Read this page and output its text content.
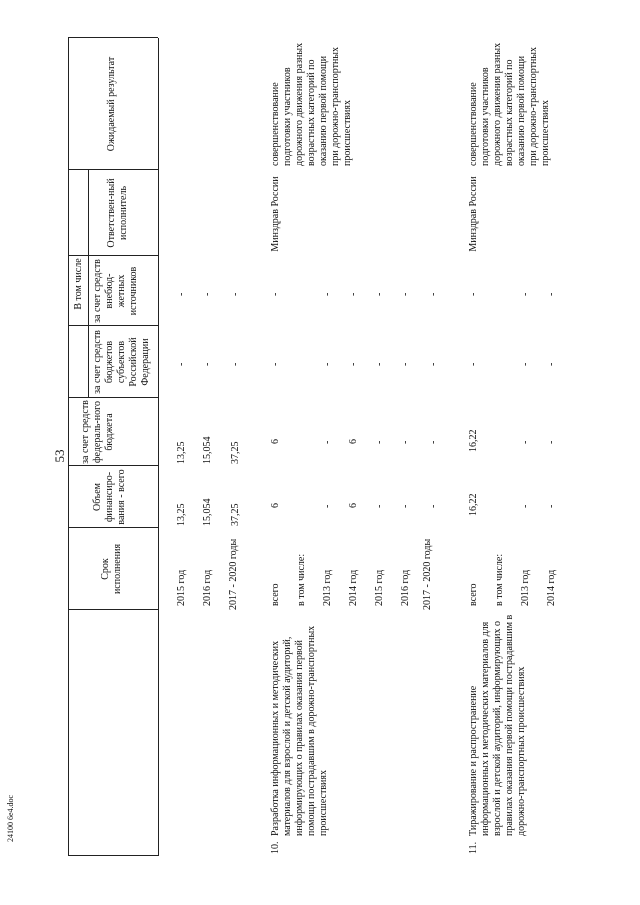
53
24100 6e4.doc
Срок исполнения
Объем финансиро-вания - всего
В том числе
за счет средств федераль-ного бюджета
за счет средств бюджетов субъектов Российской Федерации
за счет средств внебюд-жетных источников
Ответствен-ный исполнитель
Ожидаемый результат
2015 год
13,25
13,25
-
-
2016 год
15,054
15,054
-
-
2017 - 2020 годы
37,25
37,25
-
-
10.
Разработка информационных и методических материалов для взрослой и детской аудиторий, информирующих о правилах оказания первой помощи пострадавшим в дорожно-транспортных происшествиях
Минздрав России
совершенствование подготовки участников дорожного движения разных возрастных категорий по оказанию первой помощи при дорожно-транспортных происшествиях
всего
6
6
-
-
в том числе: 2013 год
-
-
-
-
2014 год
6
6
-
-
2015 год
-
-
-
-
2016 год
-
-
-
-
2017 - 2020 годы
-
-
-
-
11.
Тиражирование и распространение информационных и методических материалов для взрослой и детской аудиторий, информирующих о правилах оказания первой помощи пострадавшим в дорожно-транспортных происшествиях
Минздрав России
совершенствование подготовки участников дорожного движения разных возрастных категорий по оказанию первой помощи при дорожно-транспортных происшествиях
всего
16,22
16,22
-
-
в том числе: 2013 год
-
-
-
-
2014 год
-
-
-
-
